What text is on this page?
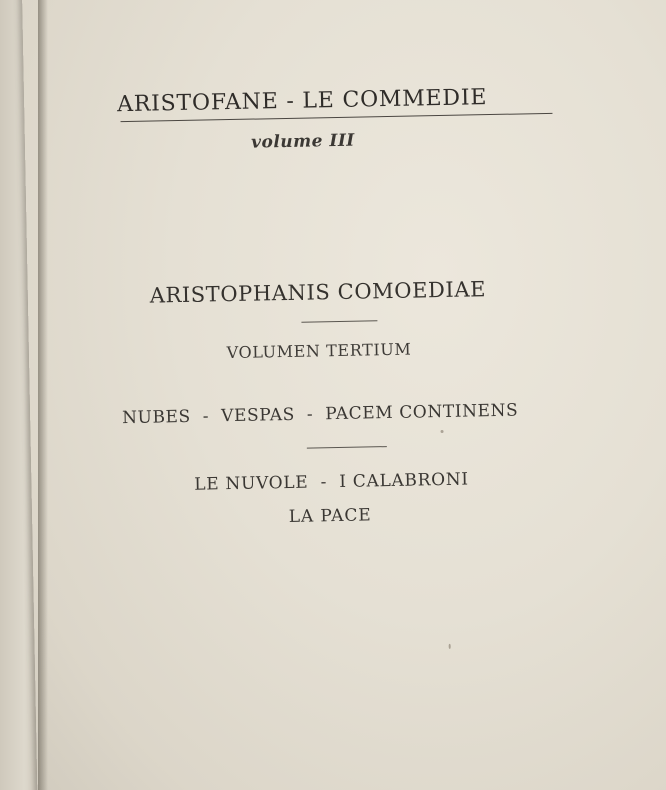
ARISTOFANE - LE COMMEDIE
volume III
ARISTOPHANIS COMOEDIAE
VOLUMEN TERTIUM
NUBES  -  VESPAS  -  PACEM CONTINENS
LE NUVOLE  -  I CALABRONI
LA PACE
